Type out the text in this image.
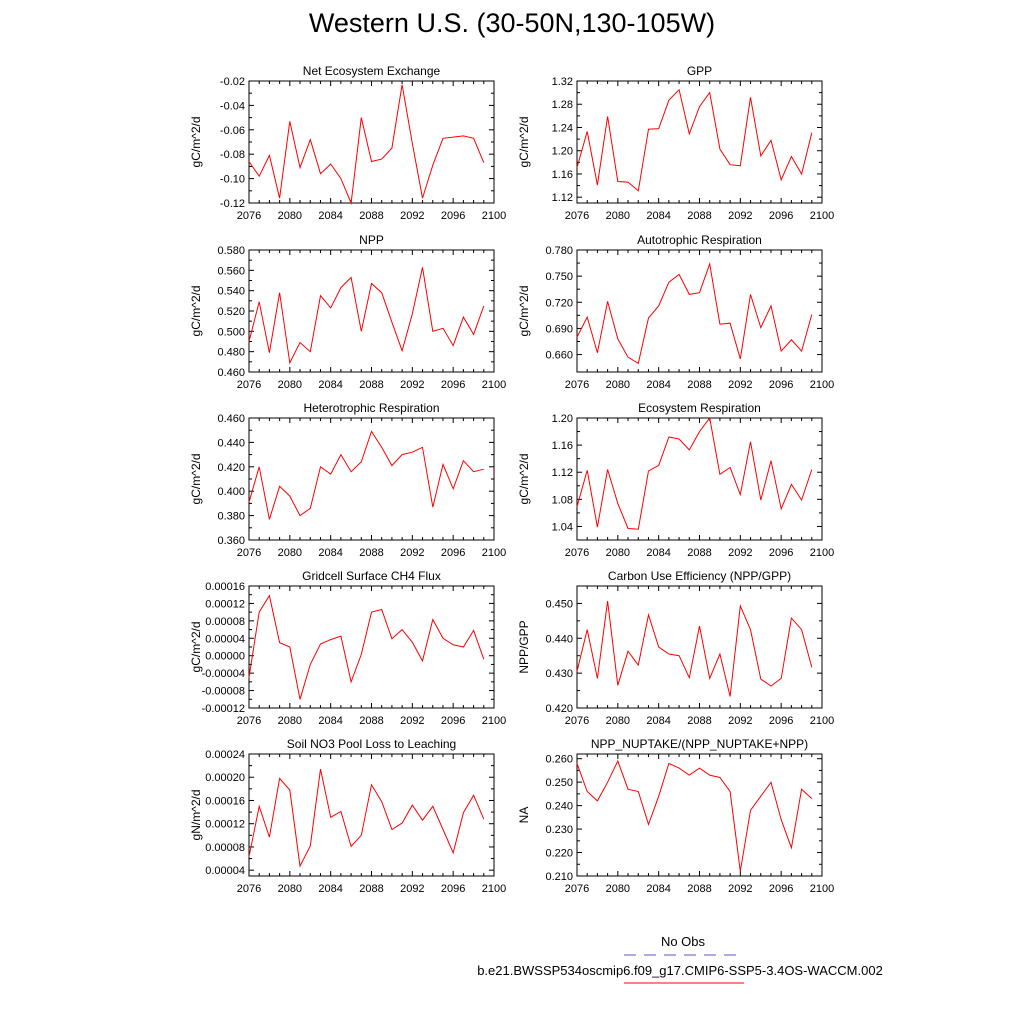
Western U.S. (30-50N,130-105W)
Net Ecosystem Exchange
gC/m^2/d
2076 2080 2084 2088 2092 2096 2100
-0.02
-0.04
-0.06
-0.08
-0.10
-0.12
GPP
gC/m^2/d
2076 2080 2084 2088 2092 2096 2100
1.32
1.28
1.24
1.20
1.16
1.12
NPP
gC/m^2/d
2076 2080 2084 2088 2092 2096 2100
0.580
0.560
0.540
0.520
0.500
0.480
0.460
Autotrophic Respiration
gC/m^2/d
2076 2080 2084 2088 2092 2096 2100
0.780
0.750
0.720
0.690
0.660
Heterotrophic Respiration
gC/m^2/d
2076 2080 2084 2088 2092 2096 2100
0.460
0.440
0.420
0.400
0.380
0.360
Ecosystem Respiration
gC/m^2/d
2076 2080 2084 2088 2092 2096 2100
1.20
1.16
1.12
1.08
1.04
Gridcell Surface CH4 Flux
gC/m^2/d
2076 2080 2084 2088 2092 2096 2100
0.00016
0.00012
0.00008
0.00004
0.00000
-0.00004
-0.00008
-0.00012
Carbon Use Efficiency (NPP/GPP)
NPP/GPP
2076 2080 2084 2088 2092 2096 2100
0.450
0.440
0.430
0.420
Soil NO3 Pool Loss to Leaching
gN/m^2/d
2076 2080 2084 2088 2092 2096 2100
0.00024
0.00020
0.00016
0.00012
0.00008
0.00004
NPP_NUPTAKE/(NPP_NUPTAKE+NPP)
NA
2076 2080 2084 2088 2092 2096 2100
0.260
0.250
0.240
0.230
0.220
0.210
No Obs
b.e21.BWSSP534oscmip6.f09_g17.CMIP6-SSP5-3.4OS-WACCM.002
